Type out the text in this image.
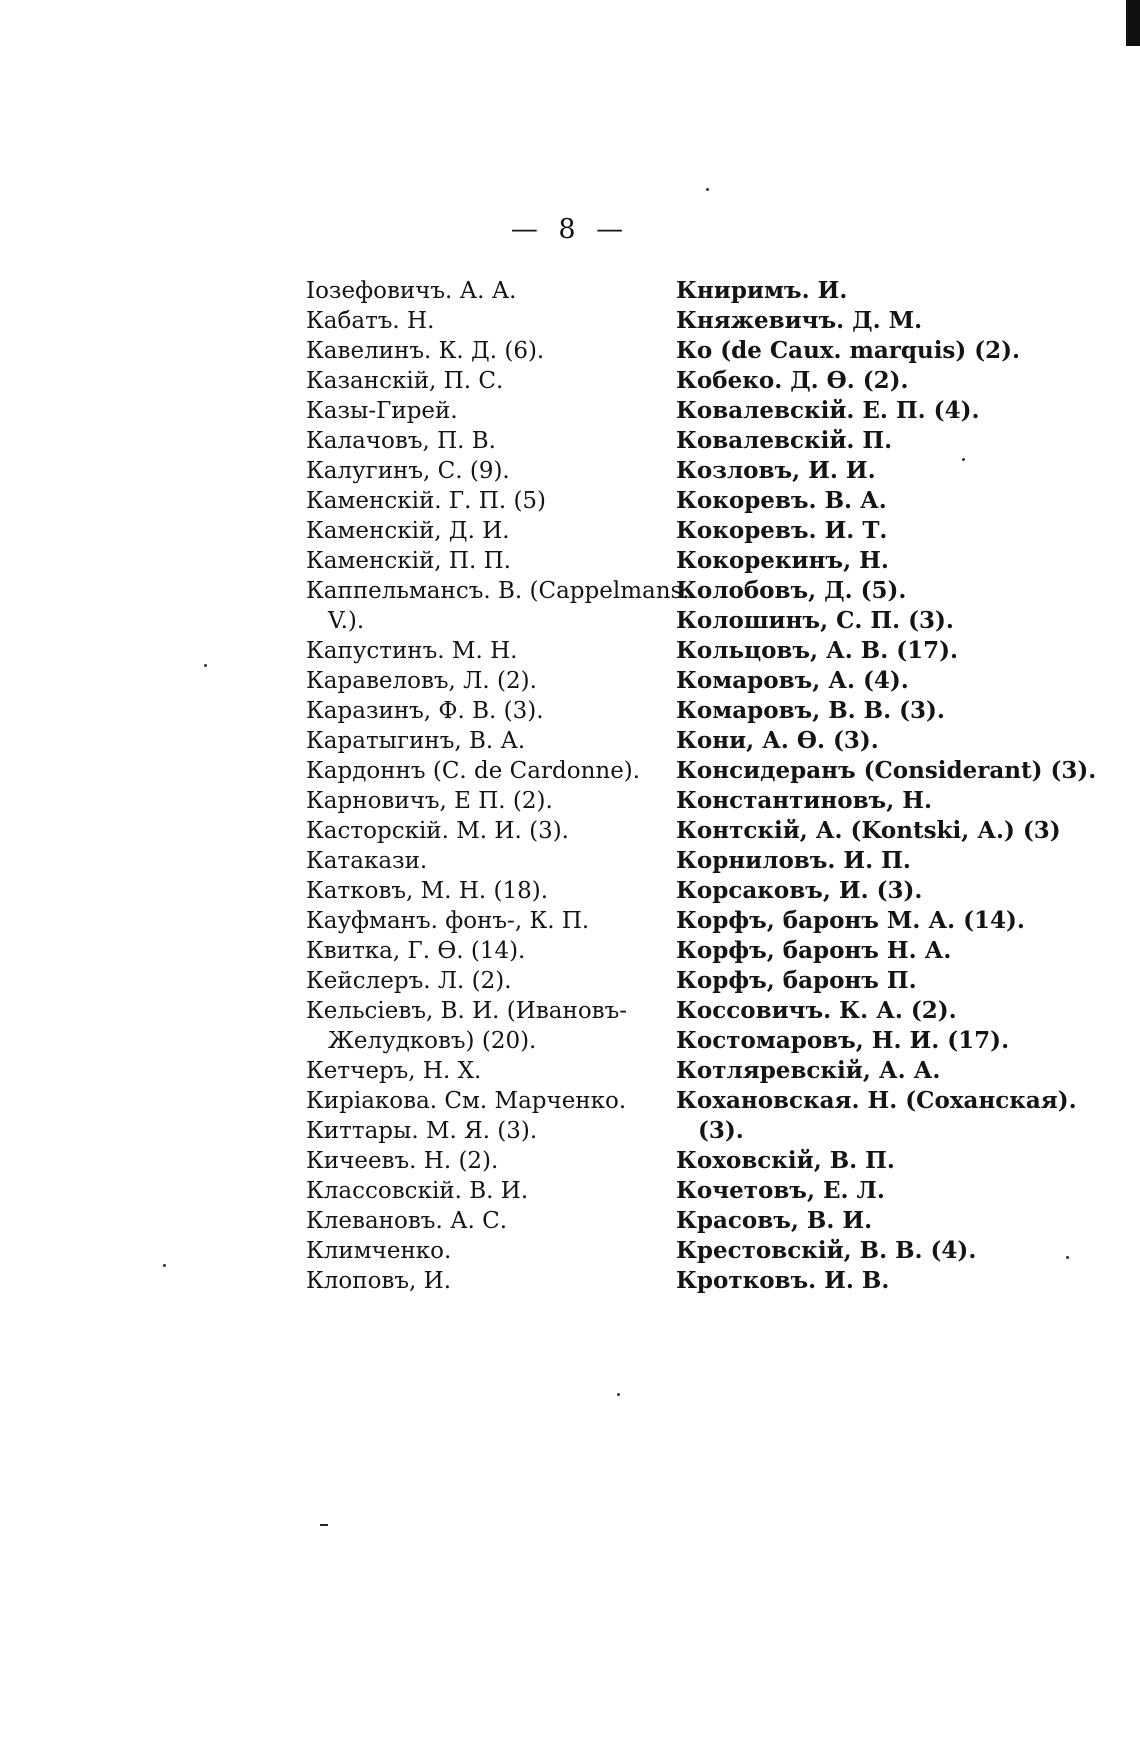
— 8 —

Іозефовичъ. А. А.

Кабатъ. Н.

Кавелинъ. К. Д. (6).

Казанскій, П. С.

Казы-Гирей.

Калачовъ, П. В.

Калугинъ, С. (9).

Каменскій. Г. П. (5)

Каменскій, Д. И.

Каменскій, П. П.

Каппельмансъ. В. (Cappelmans.

V.).

Капустинъ. М. Н.

Каравеловъ, Л. (2).

Каразинъ, Ф. В. (3).

Каратыгинъ, В. А.

Кардоннъ (С. de Cardonne).

Карновичъ, Е П. (2).

Касторскій. М. И. (3).

Катакази.

Катковъ, М. Н. (18).

Кауфманъ. фонъ-, К. П.

Квитка, Г. Ѳ. (14).

Кейслеръ. Л. (2).

Кельсіевъ, В. И. (Ивановъ-

Желудковъ) (20).

Кетчеръ, Н. Х.

Киріакова. См. Марченко.

Киттары. М. Я. (3).

Кичеевъ. Н. (2).

Классовскій. В. И.

Клевановъ. А. С.

Климченко.

Клоповъ, И.

Книримъ. И.

Княжевичъ. Д. М.

Ко (de Caux. marquis) (2).

Кобеко. Д. Ѳ. (2).

Ковалевскій. Е. П. (4).

Ковалевскій. П.

Козловъ, И. И.

Кокоревъ. В. А.

Кокоревъ. И. Т.

Кокорекинъ, Н.

Колобовъ, Д. (5).

Колошинъ, С. П. (3).

Кольцовъ, А. В. (17).

Комаровъ, А. (4).

Комаровъ, В. В. (3).

Кони, А. Ѳ. (3).

Консидеранъ (Considerant) (3).

Константиновъ, Н.

Контскій, А. (Kontski, А.) (3)

Корниловъ. И. П.

Корсаковъ, И. (3).

Корфъ, баронъ М. А. (14).

Корфъ, баронъ Н. А.

Корфъ, баронъ П.

Коссовичъ. К. А. (2).

Костомаровъ, Н. И. (17).

Котляревскій, А. А.

Кохановская. Н. (Соханская).

(3).

Коховскій, В. П.

Кочетовъ, Е. Л.

Красовъ, В. И.

Крестовскій, В. В. (4).

Кротковъ. И. В.
